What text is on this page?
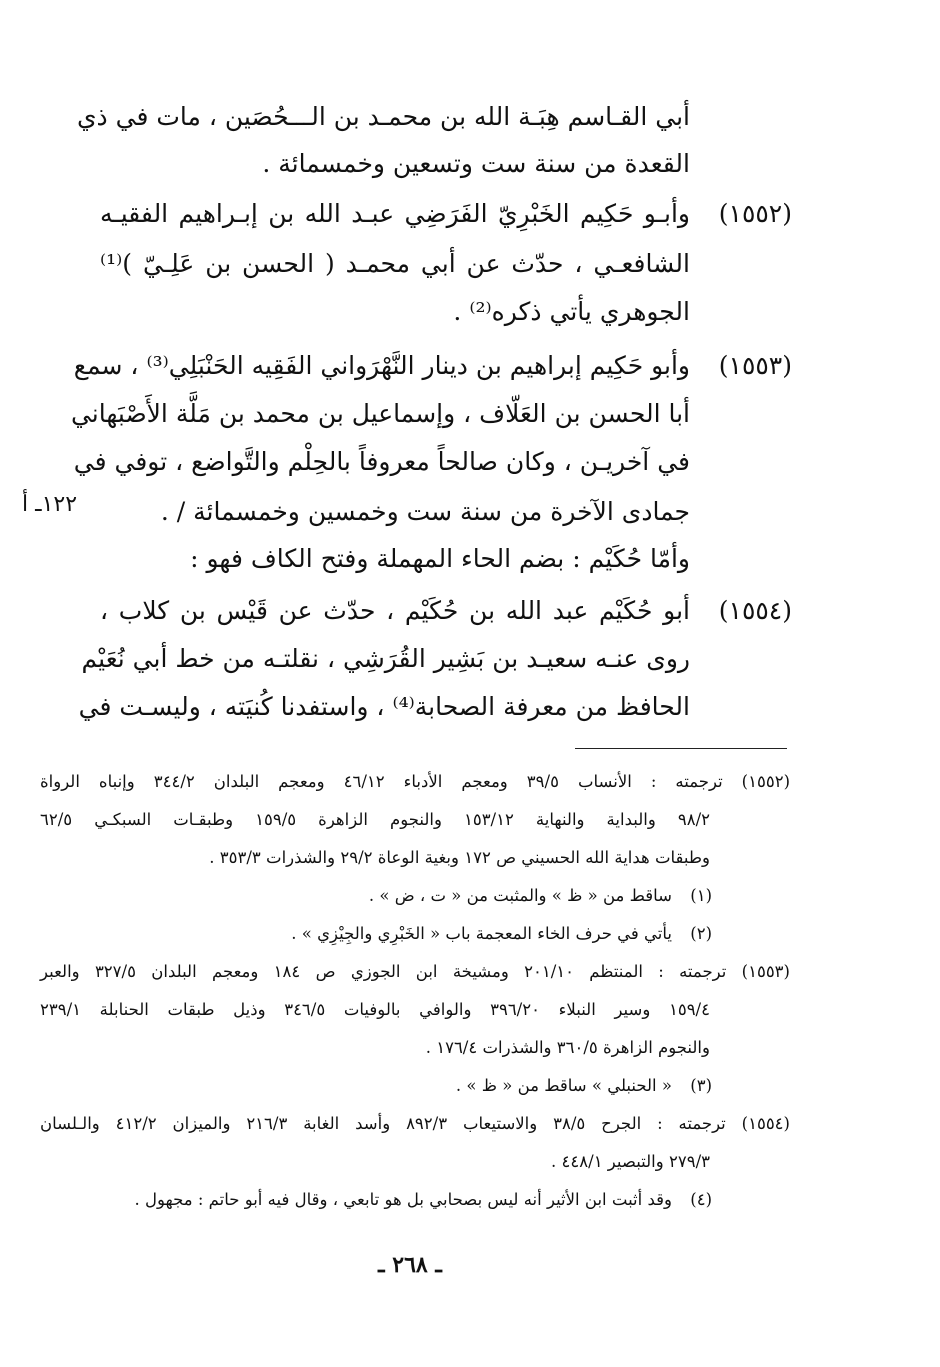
أبي القـاسم هِبَـة الله بن محمـد بن الـــحُصَين ، مات في ذي
القعدة من سنة ست وتسعين وخمسمائة .
(١٥٥٢)
وأبـو حَكِيم الخَبْرِيّ الفَرَضِي عبـد الله بن إبـراهيم الفقيـه
الشافعـي ، حدّث عن أبي محمـد ( الحسن بن عَلِـيّ )⁽¹⁾
الجوهري يأتي ذكره⁽²⁾ .
(١٥٥٣)
وأبو حَكِيم إبراهيم بن دينار النَّهْرَواني الفَقِيه الحَنْبَلِي⁽³⁾ ، سمع
أبا الحسن بن العَلّاف ، وإسماعيل بن محمد بن مَلَّة الأَصْبَهاني
في آخريـن ، وكان صالحاً معروفاً بالحِلْم والتَّواضع ، توفي في
جمادى الآخرة من سنة ست وخمسين وخمسمائة / .
١٢٢ـ أ
وأمّا حُكَيْم : بضم الحاء المهملة وفتح الكاف فهو :
(١٥٥٤)
أبو حُكَيْم عبد الله بن حُكَيْم ، حدّث عن قَيْس بن كلاب ،
روى عنـه سعيـد بن بَشِير القُرَشِي ، نقلتـه من خط أبي نُعَيْم
الحافظ من معرفة الصحابة⁽⁴⁾ ، واستفدنا كُنيَته ، وليسـت في
(١٥٥٢) ترجمته : الأنساب ٣٩/٥ ومعجم الأدباء ٤٦/١٢ ومعجم البلدان ٣٤٤/٢ وإنباه الرواة
٩٨/٢ والبداية والنهاية ١٥٣/١٢ والنجوم الزاهرة ١٥٩/٥ وطبقـات السبكـي ٦٢/٥
وطبقات هداية الله الحسيني ص ١٧٢ وبغية الوعاة ٢٩/٢ والشذرات ٣٥٣/٣ .
(١)
ساقط من « ظ » والمثبت من « ت ، ض » .
(٢)
يأتي في حرف الخاء المعجمة باب « الخَبْرِي والجِيْزِي » .
(١٥٥٣) ترجمته : المنتظم ٢٠١/١٠ ومشيخة ابن الجوزي ص ١٨٤ ومعجم البلدان ٣٢٧/٥ والعبر
١٥٩/٤ وسير النبلاء ٣٩٦/٢٠ والوافي بالوفيات ٣٤٦/٥ وذيل طبقات الحنابلة ٢٣٩/١
والنجوم الزاهرة ٣٦٠/٥ والشذرات ١٧٦/٤ .
(٣)
« الحنبلي » ساقط من « ظ » .
(١٥٥٤) ترجمته : الجرح ٣٨/٥ والاستيعاب ٨٩٢/٣ وأسد الغابة ٢١٦/٣ والميزان ٤١٢/٢ والـلسان
٢٧٩/٣ والتبصير ٤٤٨/١ .
(٤)
وقد أثبت ابن الأثير أنه ليس بصحابي بل هو تابعي ، وقال فيه أبو حاتم : مجهول .
ـ ٢٦٨ ـ
